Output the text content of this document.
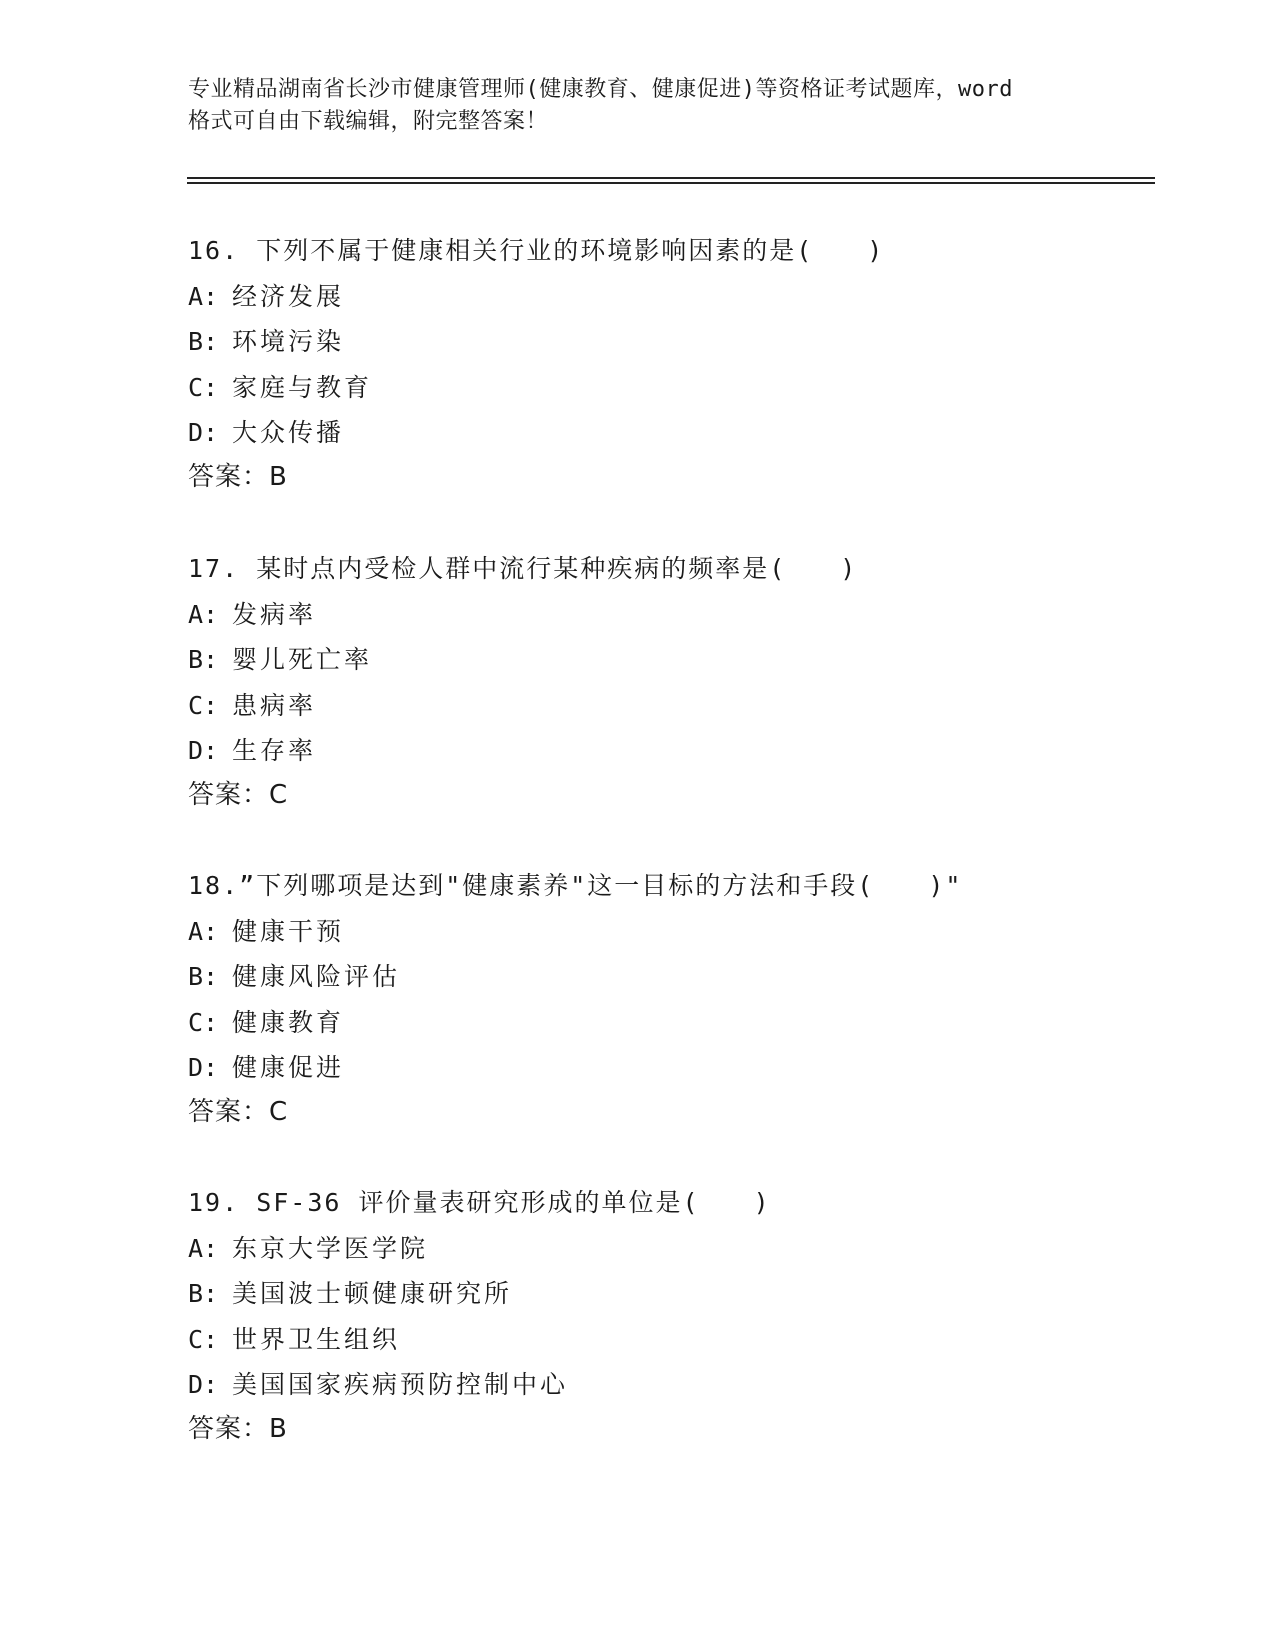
专业精品湖南省长沙市健康管理师(健康教育、健康促进)等资格证考试题库，word

格式可自由下载编辑，附完整答案！

16. 下列不属于健康相关行业的环境影响因素的是(　　)
A: 经济发展
B: 环境污染
C: 家庭与教育
D: 大众传播
答案：B
17. 某时点内受检人群中流行某种疾病的频率是(　　)
A: 发病率
B: 婴儿死亡率
C: 患病率
D: 生存率
答案：C
18.”下列哪项是达到"健康素养"这一目标的方法和手段(　　)"
A: 健康干预
B: 健康风险评估
C: 健康教育
D: 健康促进
答案：C
19. SF-36 评价量表研究形成的单位是(　　)
A: 东京大学医学院
B: 美国波士顿健康研究所
C: 世界卫生组织
D: 美国国家疾病预防控制中心
答案：B
